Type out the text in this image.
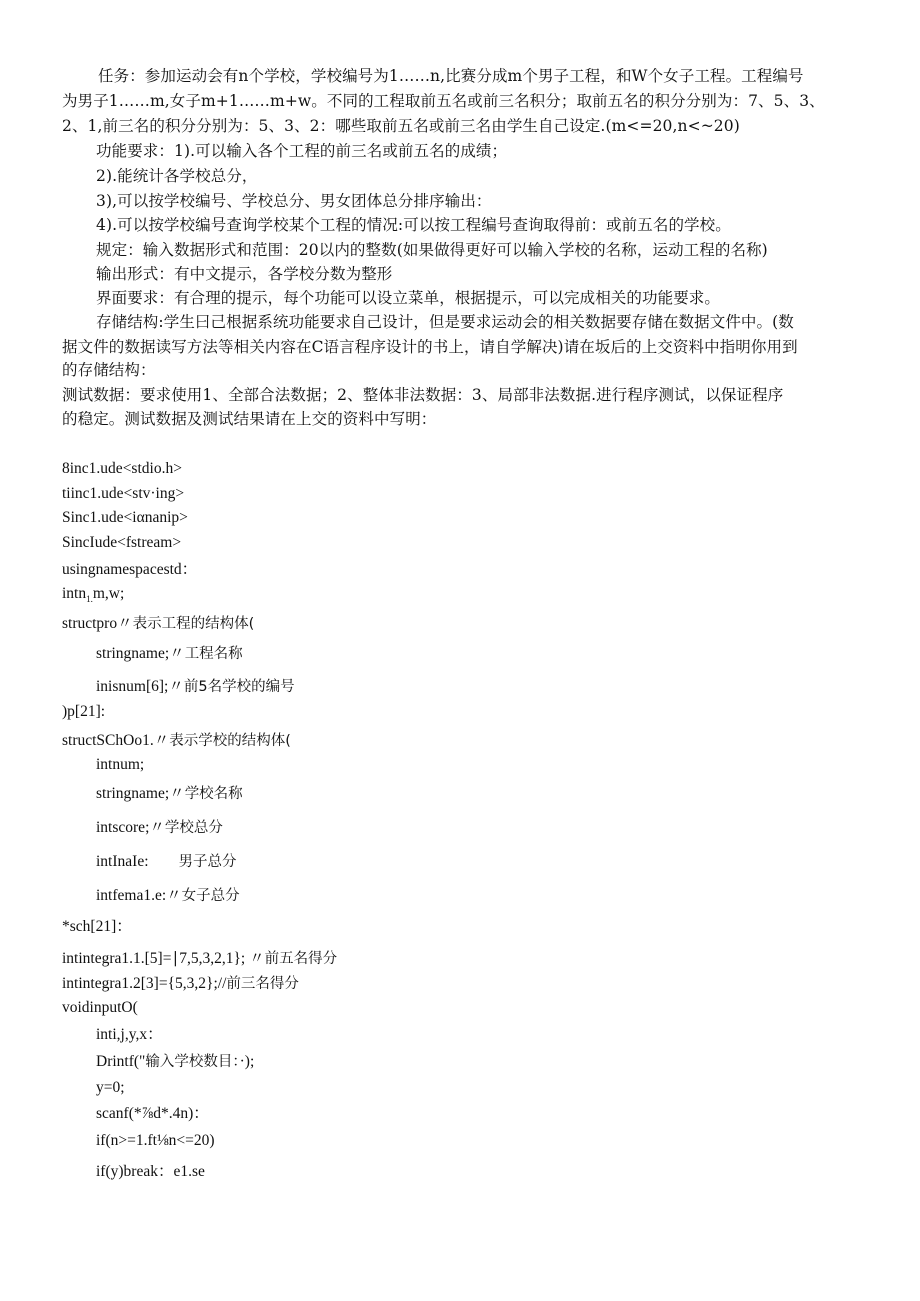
任务：参加运动会有n个学校，学校编号为1……n,比赛分成m个男子工程，和W个女子工程。工程编号
为男子1……m,女子m+1……m+w。不同的工程取前五名或前三名积分；取前五名的积分分别为：7、5、3、
2、1,前三名的积分分别为：5、3、2：哪些取前五名或前三名由学生自己设定.(m<=20,n<~20)
功能要求：1).可以输入各个工程的前三名或前五名的成绩；
2).能统计各学校总分，
3),可以按学校编号、学校总分、男女团体总分排序输出：
4).可以按学校编号查询学校某个工程的情况:可以按工程编号查询取得前：或前五名的学校。
规定：输入数据形式和范围：20以内的整数(如果做得更好可以输入学校的名称，运动工程的名称)
输出形式：有中文提示，各学校分数为整形
界面要求：有合理的提示，每个功能可以设立菜单，根据提示，可以完成相关的功能要求。
存储结构:学生曰己根据系统功能要求自己设计，但是要求运动会的相关数据要存储在数据文件中。(数
据文件的数据读写方法等相关内容在C语言程序设计的书上，请自学解决)请在坂后的上交资料中指明你用到
的存储结构：
测试数据：要求使用1、全部合法数据；2、整体非法数据：3、局部非法数据.进行程序测试，以保证程序
的稳定。测试数据及测试结果请在上交的资料中写明：
8inc1.ude<stdio.h>
tiinc1.ude<stv·ing>
Sinc1.ude<iαnanip>
SincIude<fstream>
usingnamespacestd：
intn$_{1.}$m,w;
structpro〃表示工程的结构体(
stringname;〃工程名称
inisnum[6];〃前5名学校的编号
)p[21]:
structSChOo1.〃表示学校的结构体(
intnum;
stringname;〃学校名称
intscore;〃学校总分
intInaIe: 男子总分
intfema1.e:〃女子总分
*sch[21]：
intintegra1.1.[5]=∣7,5,3,2,1}; 〃前五名得分
intintegra1.2[3]={5,3,2};//前三名得分
voidinputO(
inti,j,y,x：
Drintf("输入学校数目：·);
y=0;
scanf(*⅞d*.4n)：
if(n>=1.ft⅛n<=20)
if(y)break：e1.se
